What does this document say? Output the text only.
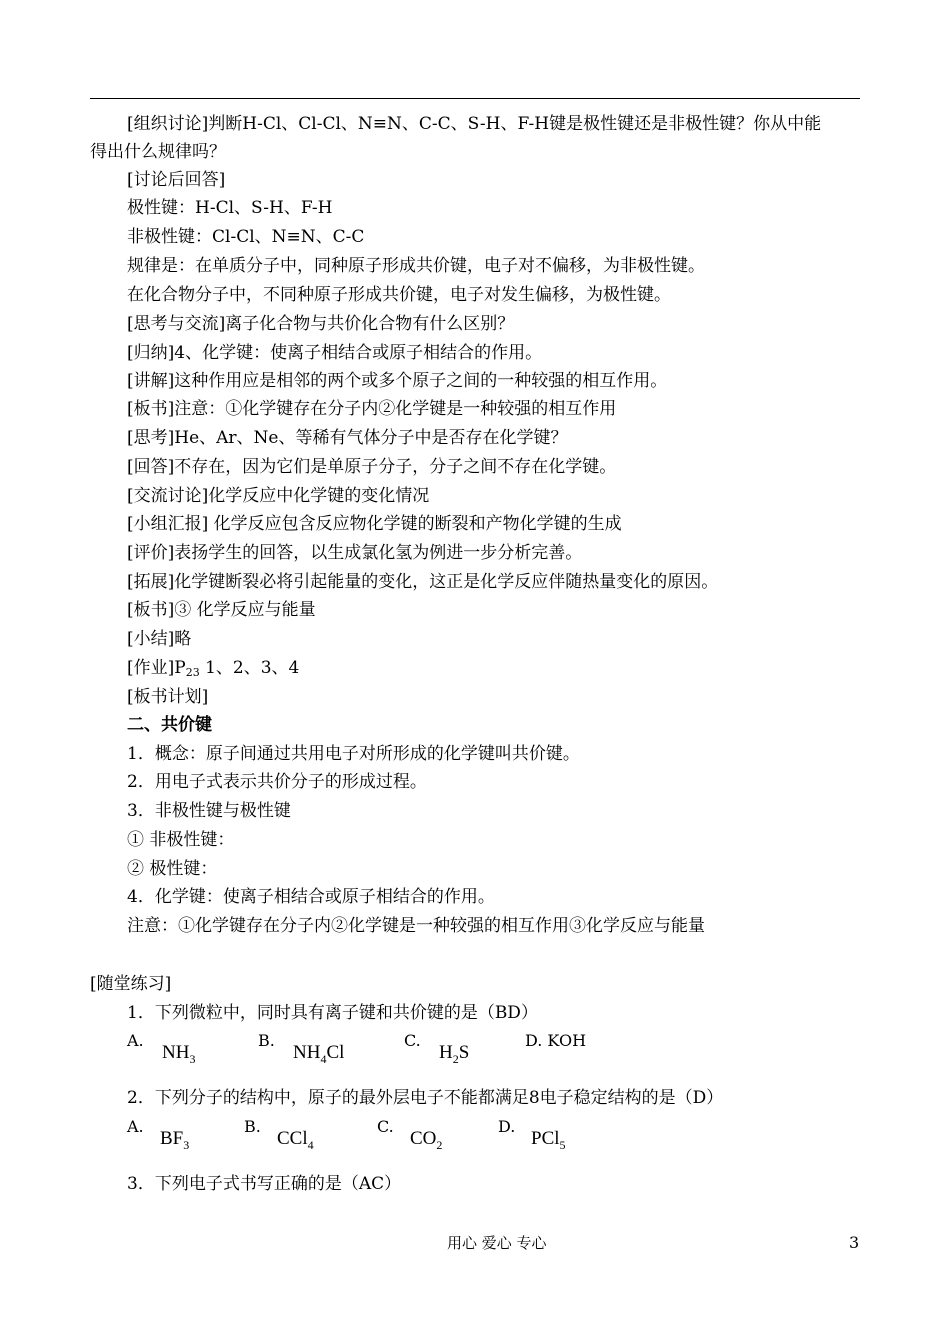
[组织讨论]判断H-Cl、Cl-Cl、N≡N、C-C、S-H、F-H键是极性键还是非极性键？你从中能
得出什么规律吗？
[讨论后回答]
极性键：H-Cl、S-H、F-H
非极性键：Cl-Cl、N≡N、C-C
规律是：在单质分子中，同种原子形成共价键，电子对不偏移，为非极性键。
在化合物分子中，不同种原子形成共价键，电子对发生偏移，为极性键。
[思考与交流]离子化合物与共价化合物有什么区别？
[归纳]4、化学键：使离子相结合或原子相结合的作用。
[讲解]这种作用应是相邻的两个或多个原子之间的一种较强的相互作用。
[板书]注意：①化学键存在分子内②化学键是一种较强的相互作用
[思考]He、Ar、Ne、等稀有气体分子中是否存在化学键？
[回答]不存在，因为它们是单原子分子，分子之间不存在化学键。
[交流讨论]化学反应中化学键的变化情况
[小组汇报] 化学反应包含反应物化学键的断裂和产物化学键的生成
[评价]表扬学生的回答，以生成氯化氢为例进一步分析完善。
[拓展]化学键断裂必将引起能量的变化，这正是化学反应伴随热量变化的原因。
[板书]③ 化学反应与能量
[小结]略
[作业]$P_{23}$ 1、2、3、4
[板书计划]
二、共价键
1．概念：原子间通过共用电子对所形成的化学键叫共价键。
2．用电子式表示共价分子的形成过程。
3．非极性键与极性键
① 非极性键：
② 极性键：
4．化学键：使离子相结合或原子相结合的作用。
注意：①化学键存在分子内②化学键是一种较强的相互作用③化学反应与能量
[随堂练习]
1．下列微粒中，同时具有离子键和共价键的是（BD）
A.
$NH_3$
B.
$NH_4Cl$
C.
$H_2S$
D. KOH
2．下列分子的结构中，原子的最外层电子不能都满足8电子稳定结构的是（D）
A.
$BF_3$
B.
CCl$_4$
C.
$CO_2$
D.
PCl$_5$
3．下列电子式书写正确的是（AC）
用心 爱心 专心	3
